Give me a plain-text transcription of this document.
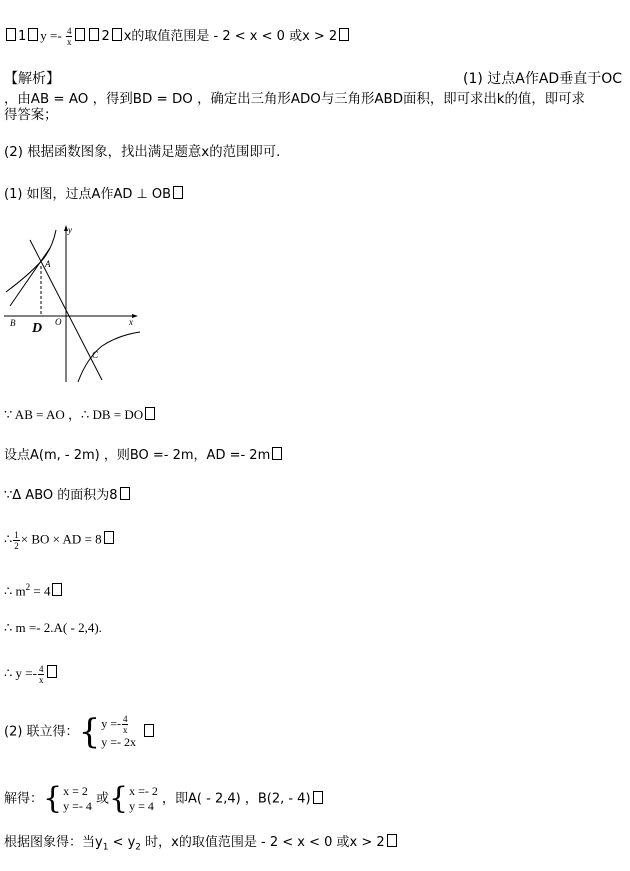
1 $y =- \frac{4}{x} 2$ x的取值范围是 - 2 < x < 0 或x > 2
【解析】	(1) 过点A作AD垂直于OC
，由AB = AO ，得到BD = DO ，确定出三角形ADO与三角形ABD面积，即可求出k的值，即可求
得答案；
(2) 根据函数图象，找出满足题意x的范围即可．
(1) 如图，过点A作AD ⊥ OB
y
x
A
B	O
C
D
∵ AB = AO ，∴ DB = DO
设点A(m, - 2m) ，则BO =- 2m，AD =- 2m
∵Δ ABO 的面积为8
∴ $\frac{1}{2}$ × BO × AD = 8
∴ $m^2 = 4$
∴ m =- 2.A( - 2,4).
∴ $y =- \frac{4}{x}$
(2) 联立得： { $y =- \frac{4}{x}$
y =- 2x
解得： { x = 2
y =- 4 或 { x =- 2
y = 4 ，即A( - 2,4) ，B(2, - 4)
根据图象得：当$y_1 < y_2$ 时，x的取值范围是 - 2 < x < 0 或x > 2
